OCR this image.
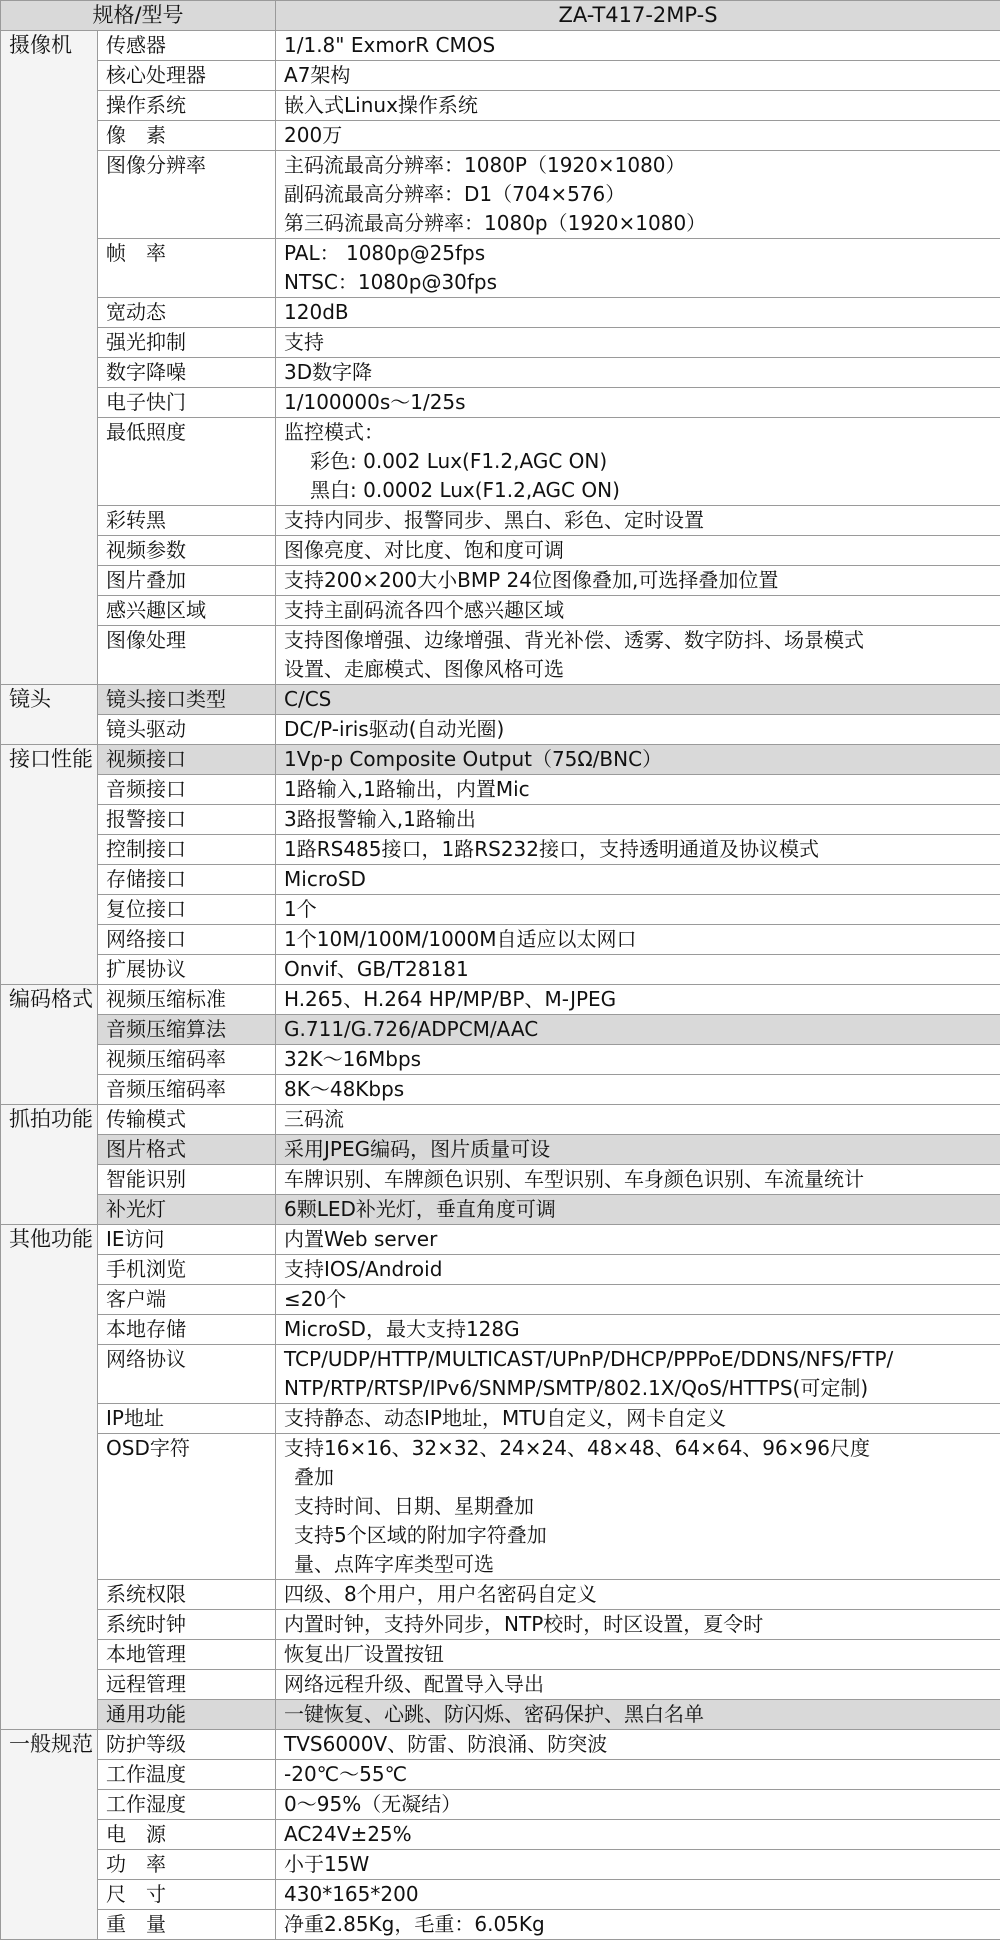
规格/型号		ZA-T417-2MP-S
摄像机	传感器	1/1.8" ExmorR CMOS

	核心处理器	A7架构

	操作系统	嵌入式Linux操作系统

	像　素	200万

	图像分辨率	主码流最高分辨率：1080P（1920×1080）
副码流最高分辨率：D1（704×576）
第三码流最高分辨率：1080p（1920×1080）

	帧　率	PAL： 1080p@25fps
NTSC：1080p@30fps

	宽动态	120dB

	强光抑制	支持

	数字降噪	3D数字降

	电子快门	1/100000s～1/25s

	最低照度	监控模式：
彩色: 0.002 Lux(F1.2,AGC ON)
黑白: 0.0002 Lux(F1.2,AGC ON)

	彩转黑	支持内同步、报警同步、黑白、彩色、定时设置

	视频参数	图像亮度、对比度、饱和度可调

	图片叠加	支持200×200大小BMP 24位图像叠加,可选择叠加位置

	感兴趣区域	支持主副码流各四个感兴趣区域

	图像处理	支持图像增强、边缘增强、背光补偿、透雾、数字防抖、场景模式
设置、走廊模式、图像风格可选

镜头	镜头接口类型	C/CS

	镜头驱动	DC/P-iris驱动(自动光圈)

接口性能	视频接口	1Vp-p Composite Output（75Ω/BNC）

	音频接口	1路输入,1路输出，内置Mic

	报警接口	3路报警输入,1路输出

	控制接口	1路RS485接口，1路RS232接口，支持透明通道及协议模式

	存储接口	MicroSD

	复位接口	1个

	网络接口	1个10M/100M/1000M自适应以太网口

	扩展协议	Onvif、GB/T28181

编码格式	视频压缩标准	H.265、H.264 HP/MP/BP、M-JPEG

	音频压缩算法	G.711/G.726/ADPCM/AAC

	视频压缩码率	32K～16Mbps

	音频压缩码率	8K～48Kbps

抓拍功能	传输模式	三码流

	图片格式	采用JPEG编码，图片质量可设

	智能识别	车牌识别、车牌颜色识别、车型识别、车身颜色识别、车流量统计

	补光灯	6颗LED补光灯，垂直角度可调

其他功能	IE访问	内置Web server

	手机浏览	支持IOS/Android

	客户端	≤20个

	本地存储	MicroSD，最大支持128G

	网络协议	TCP/UDP/HTTP/MULTICAST/UPnP/DHCP/PPPoE/DDNS/NFS/FTP/
NTP/RTP/RTSP/IPv6/SNMP/SMTP/802.1X/QoS/HTTPS(可定制)

	IP地址	支持静态、动态IP地址，MTU自定义，网卡自定义

	OSD字符	支持16×16、32×32、24×24、48×48、64×64、96×96尺度
叠加
支持时间、日期、星期叠加
支持5个区域的附加字符叠加
量、点阵字库类型可选

	系统权限	四级、8个用户，用户名密码自定义

	系统时钟	内置时钟，支持外同步，NTP校时，时区设置，夏令时

	本地管理	恢复出厂设置按钮

	远程管理	网络远程升级、配置导入导出

	通用功能	一键恢复、心跳、防闪烁、密码保护、黑白名单

一般规范	防护等级	TVS6000V、防雷、防浪涌、防突波

	工作温度	-20℃～55℃

	工作湿度	0～95%（无凝结）

	电　源	AC24V±25%

	功　率	小于15W

	尺　寸	430*165*200

	重　量	净重2.85Kg，毛重：6.05Kg
